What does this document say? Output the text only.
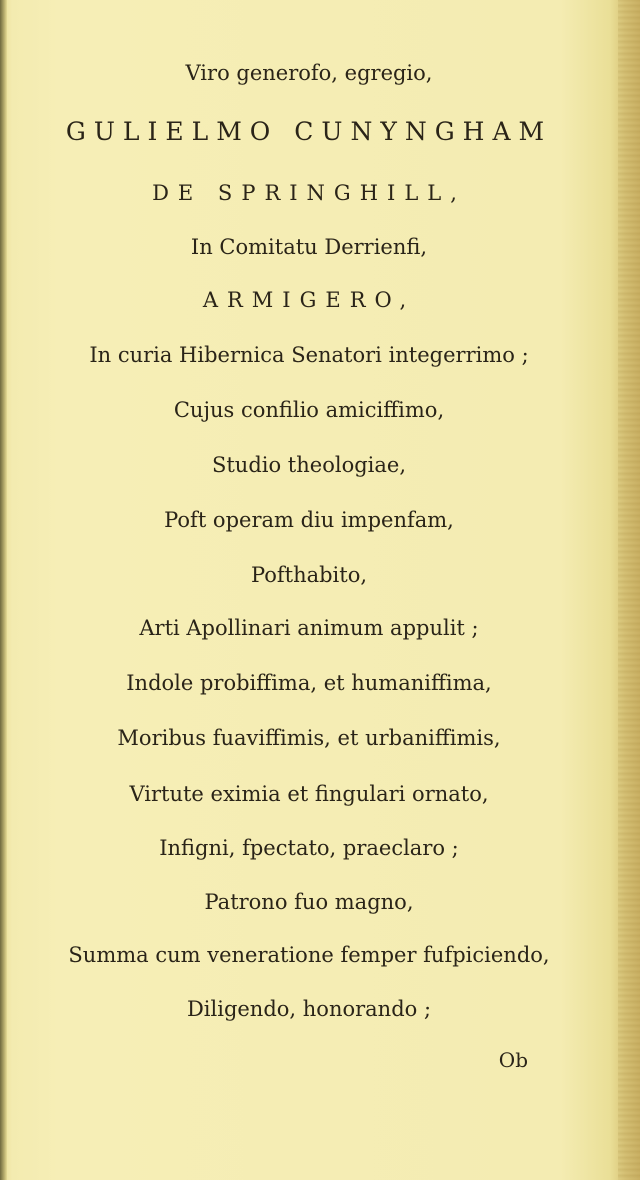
Viro generofo, egregio,
GULIELMO CUNYNGHAM
DE SPRINGHILL,
In Comitatu Derrienfi,
ARMIGERO,
In curia Hibernica Senatori integerrimo ;
Cujus confilio amiciffimo,
Studio theologiae,
Poft operam diu impenfam,
Pofthabito,
Arti Apollinari animum appulit ;
Indole probiffima, et humaniffima,
Moribus fuaviffimis, et urbaniffimis,
Virtute eximia et fingulari ornato,
Infigni, fpectato, praeclaro ;
Patrono fuo magno,
Summa cum veneratione femper fufpiciendo,
Diligendo, honorando ;
Ob
